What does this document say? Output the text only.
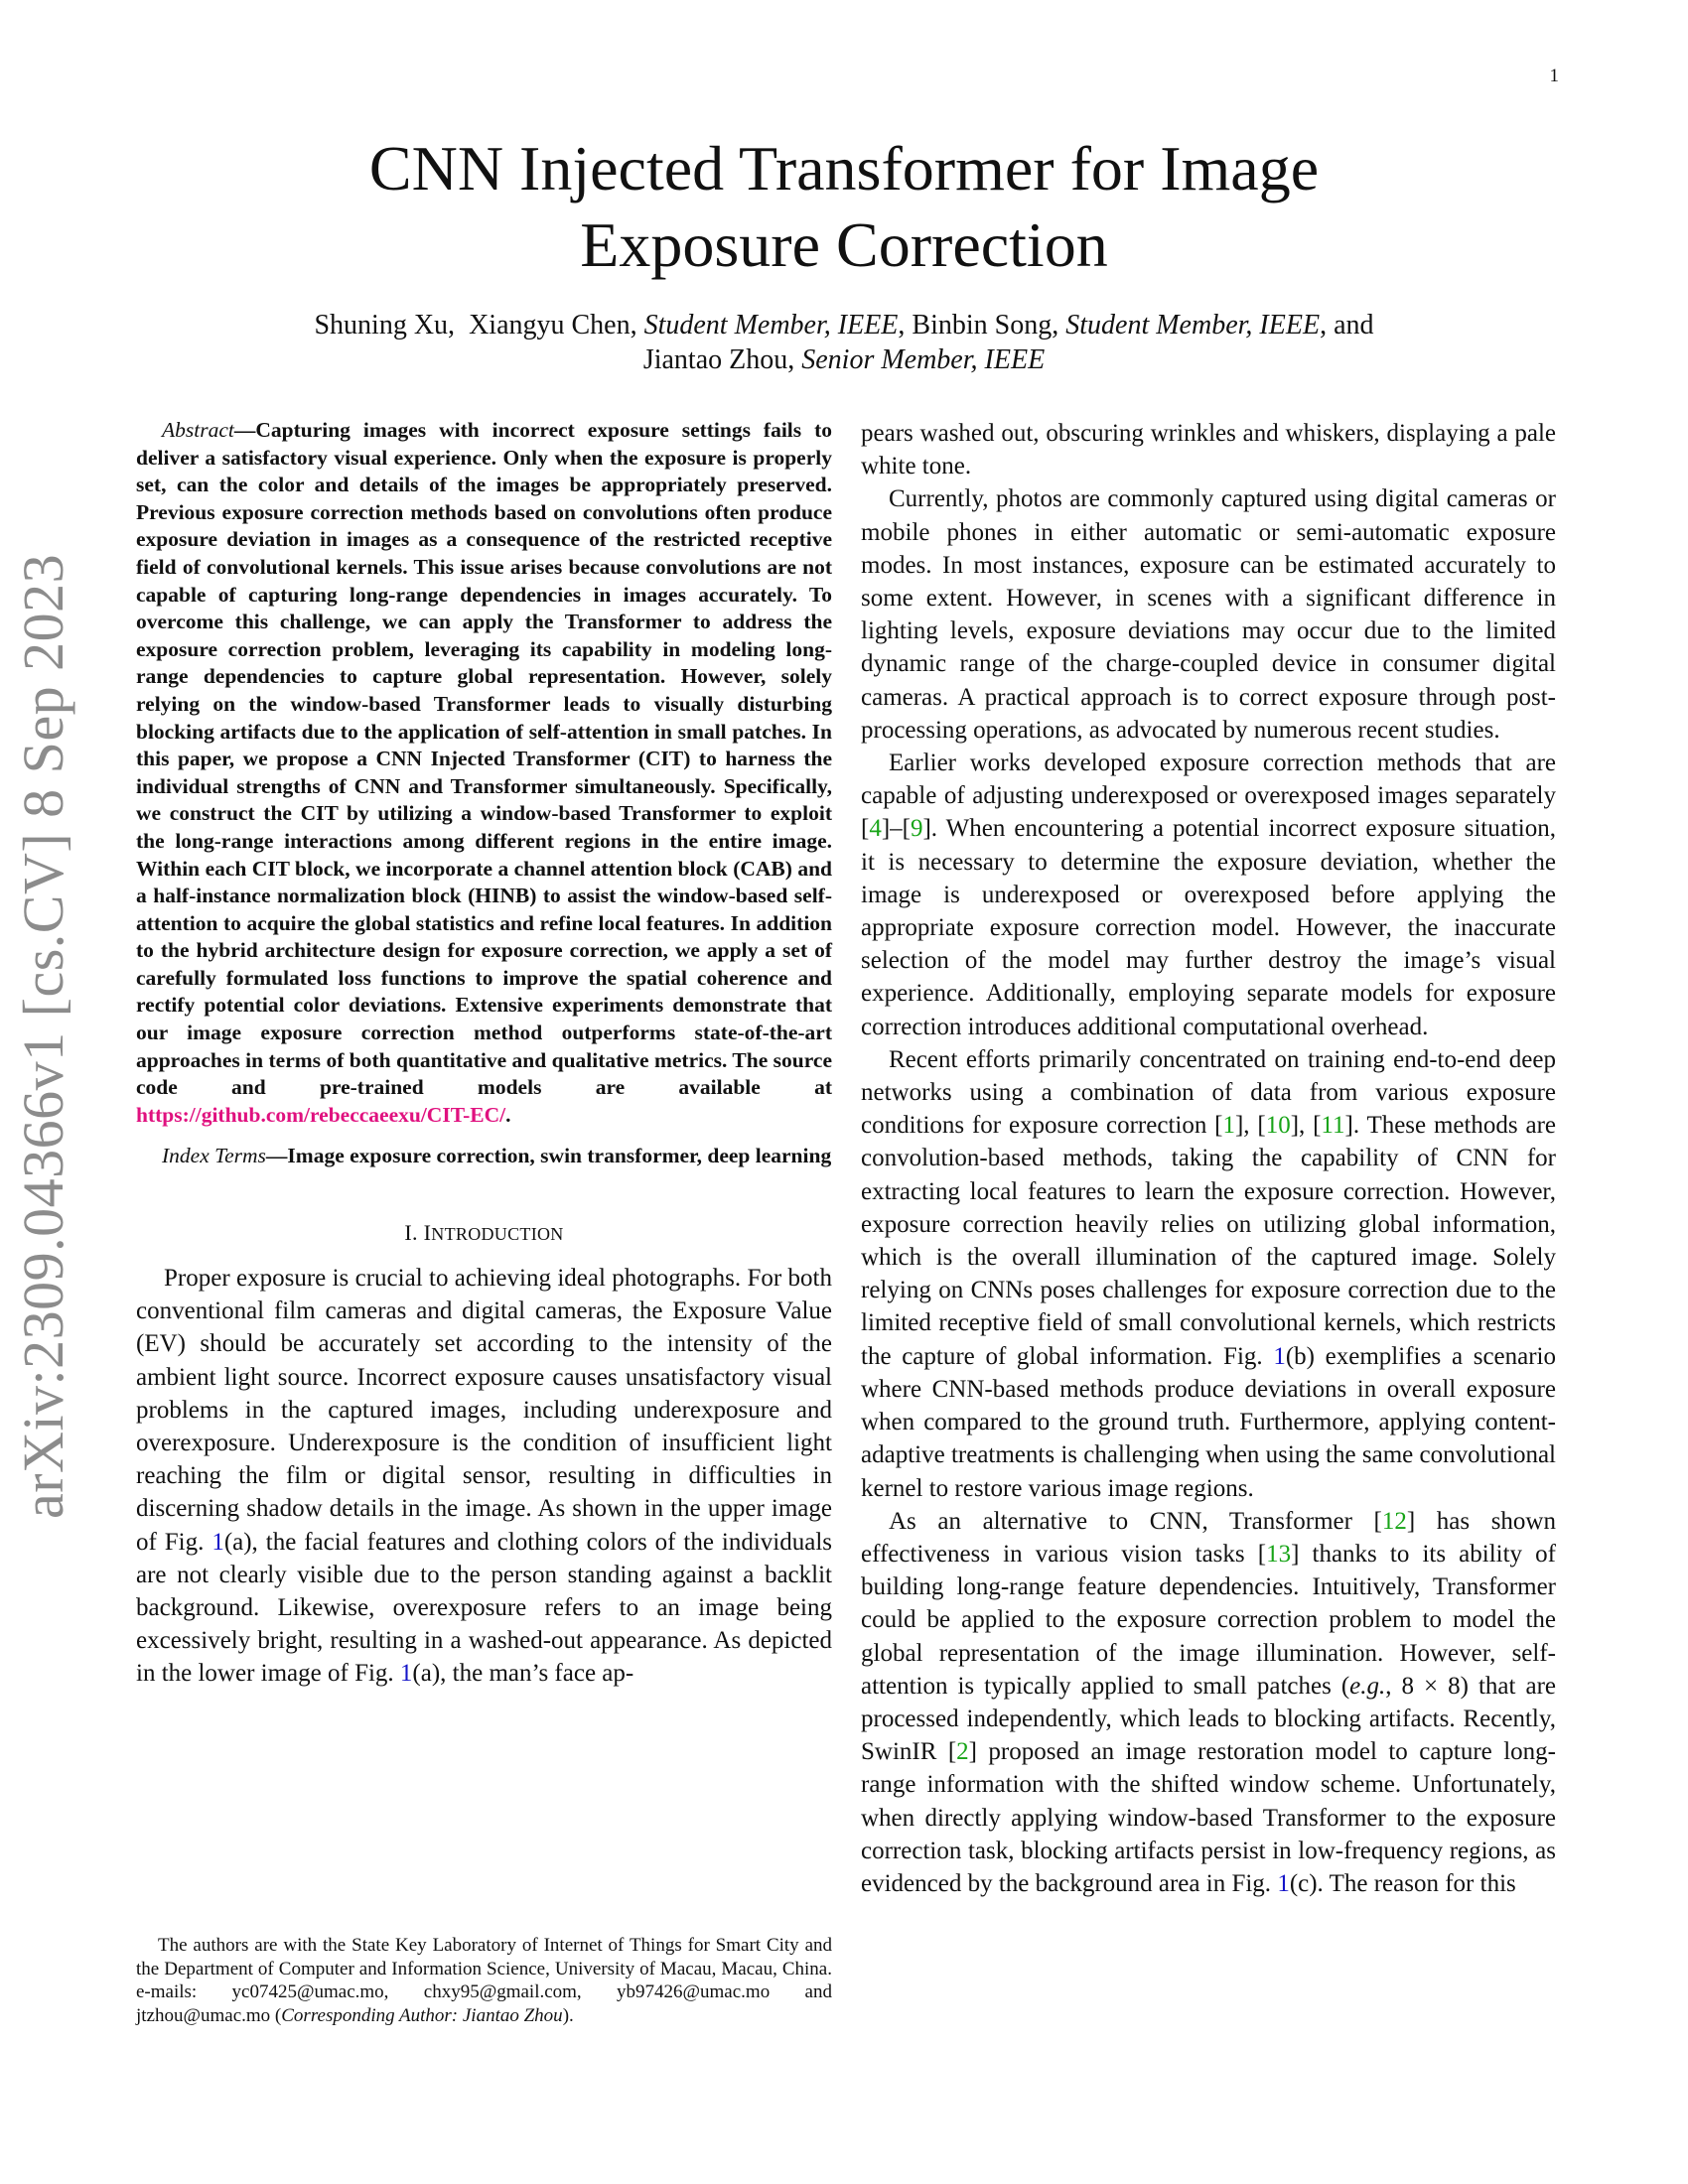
1
arXiv:2309.04366v1 [cs.CV] 8 Sep 2023
CNN Injected Transformer for Image
Exposure Correction
Shuning Xu, Xiangyu Chen, Student Member, IEEE, Binbin Song, Student Member, IEEE, and
Jiantao Zhou, Senior Member, IEEE

Abstract—Capturing images with incorrect exposure settings fails to deliver a satisfactory visual experience. Only when the exposure is properly set, can the color and details of the images be appropriately preserved. Previous exposure correction methods based on convolutions often produce exposure deviation in images as a consequence of the restricted receptive field of convolutional kernels. This issue arises because convolutions are not capable of capturing long-range dependencies in images accurately. To overcome this challenge, we can apply the Transformer to address the exposure correction problem, leveraging its capability in modeling long-range dependencies to capture global representation. However, solely relying on the window-based Transformer leads to visually disturbing blocking artifacts due to the application of self-attention in small patches. In this paper, we propose a CNN Injected Transformer (CIT) to harness the individual strengths of CNN and Transformer simultaneously. Specifically, we construct the CIT by utilizing a window-based Transformer to exploit the long-range interactions among different regions in the entire image. Within each CIT block, we incorporate a channel attention block (CAB) and a half-instance normalization block (HINB) to assist the window-based self-attention to acquire the global statistics and refine local features. In addition to the hybrid architecture design for exposure correction, we apply a set of carefully formulated loss functions to improve the spatial coherence and rectify potential color deviations. Extensive experiments demonstrate that our image exposure correction method outperforms state-of-the-art approaches in terms of both quantitative and qualitative metrics. The source code and pre-trained models are available at https://github.com/rebeccaeexu/CIT-EC/.

Index Terms—Image exposure correction, swin transformer, deep learning

I. INTRODUCTION

Proper exposure is crucial to achieving ideal photographs. For both conventional film cameras and digital cameras, the Exposure Value (EV) should be accurately set according to the intensity of the ambient light source. Incorrect exposure causes unsatisfactory visual problems in the captured images, including underexposure and overexposure. Underexposure is the condition of insufficient light reaching the film or digital sensor, resulting in difficulties in discerning shadow details in the image. As shown in the upper image of Fig. 1(a), the facial features and clothing colors of the individuals are not clearly visible due to the person standing against a backlit background. Likewise, overexposure refers to an image being excessively bright, resulting in a washed-out appearance. As depicted in the lower image of Fig. 1(a), the man’s face ap-

pears washed out, obscuring wrinkles and whiskers, displaying a pale white tone.

Currently, photos are commonly captured using digital cameras or mobile phones in either automatic or semi-automatic exposure modes. In most instances, exposure can be estimated accurately to some extent. However, in scenes with a significant difference in lighting levels, exposure deviations may occur due to the limited dynamic range of the charge-coupled device in consumer digital cameras. A practical approach is to correct exposure through post-processing operations, as advocated by numerous recent studies.

Earlier works developed exposure correction methods that are capable of adjusting underexposed or overexposed images separately [4]–[9]. When encountering a potential incorrect exposure situation, it is necessary to determine the exposure deviation, whether the image is underexposed or overexposed before applying the appropriate exposure correction model. However, the inaccurate selection of the model may further destroy the image’s visual experience. Additionally, employing separate models for exposure correction introduces additional computational overhead.

Recent efforts primarily concentrated on training end-to-end deep networks using a combination of data from various exposure conditions for exposure correction [1], [10], [11]. These methods are convolution-based methods, taking the capability of CNN for extracting local features to learn the exposure correction. However, exposure correction heavily relies on utilizing global information, which is the overall illumination of the captured image. Solely relying on CNNs poses challenges for exposure correction due to the limited receptive field of small convolutional kernels, which restricts the capture of global information. Fig. 1(b) exemplifies a scenario where CNN-based methods produce deviations in overall exposure when compared to the ground truth. Furthermore, applying content-adaptive treatments is challenging when using the same convolutional kernel to restore various image regions.

As an alternative to CNN, Transformer [12] has shown effectiveness in various vision tasks [13] thanks to its ability of building long-range feature dependencies. Intuitively, Transformer could be applied to the exposure correction problem to model the global representation of the image illumination. However, self-attention is typically applied to small patches (e.g., 8 × 8) that are processed independently, which leads to blocking artifacts. Recently, SwinIR [2] proposed an image restoration model to capture long-range information with the shifted window scheme. Unfortunately, when directly applying window-based Transformer to the exposure correction task, blocking artifacts persist in low-frequency regions, as evidenced by the background area in Fig. 1(c). The reason for this

The authors are with the State Key Laboratory of Internet of Things for Smart City and the Department of Computer and Information Science, University of Macau, Macau, China. e-mails: yc07425@umac.mo, chxy95@gmail.com, yb97426@umac.mo and jtzhou@umac.mo (Corresponding Author: Jiantao Zhou).
